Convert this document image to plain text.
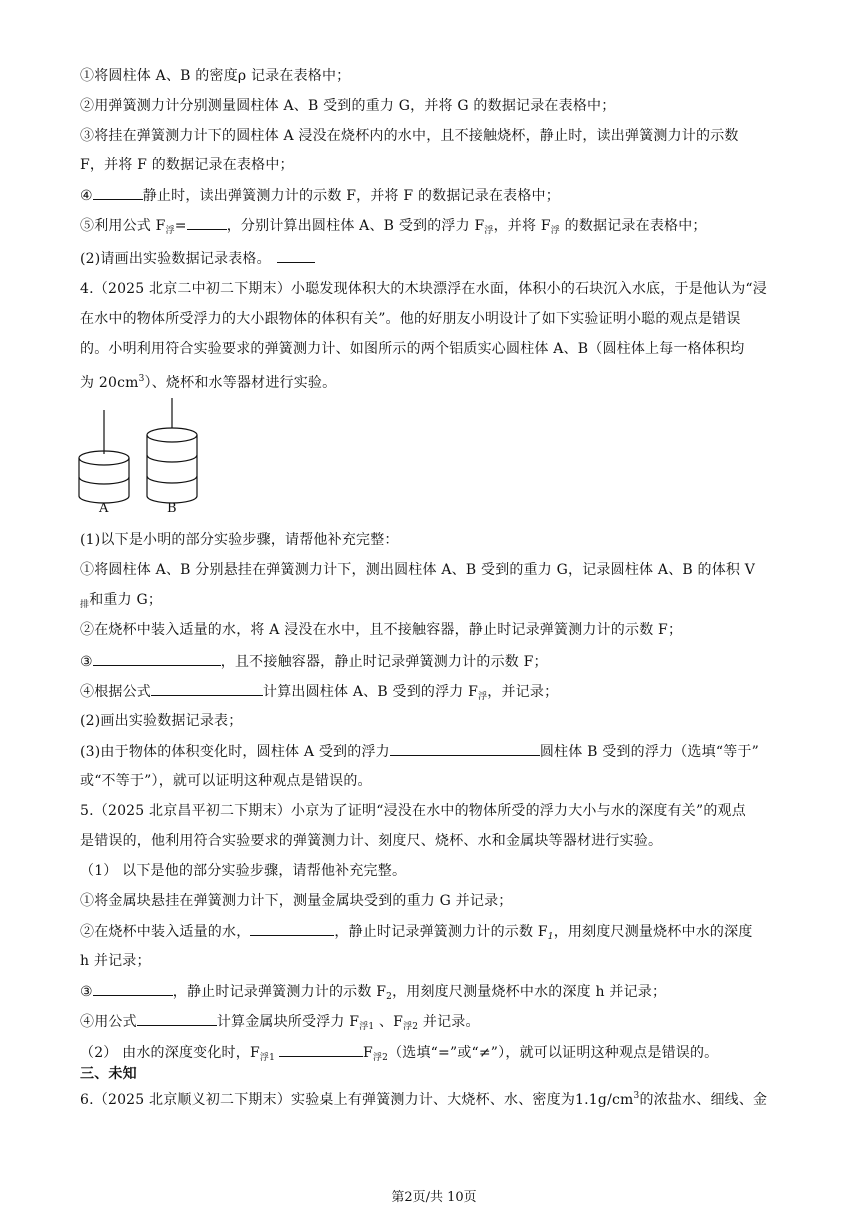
①将圆柱体 A、B 的密度ρ 记录在表格中；
②用弹簧测力计分别测量圆柱体 A、B 受到的重力 G，并将 G 的数据记录在表格中；
③将挂在弹簧测力计下的圆柱体 A 浸没在烧杯内的水中，且不接触烧杯，静止时，读出弹簧测力计的示数
F，并将 F 的数据记录在表格中；
④	静止时，读出弹簧测力计的示数 F，并将 F 的数据记录在表格中；
⑤利用公式 $F_浮=$	，分别计算出圆柱体 A、B 受到的浮力 $F_浮$，并将 $F_浮$ 的数据记录在表格中；
(2)请画出实验数据记录表格。
4.（2025 北京二中初二下期末）小聪发现体积大的木块漂浮在水面，体积小的石块沉入水底，于是他认为“浸
在水中的物体所受浮力的大小跟物体的体积有关”。他的好朋友小明设计了如下实验证明小聪的观点是错误
的。小明利用符合实验要求的弹簧测力计、如图所示的两个铝质实心圆柱体 A、B（圆柱体上每一格体积均
为 $20cm^3$）、烧杯和水等器材进行实验。
A	B
(1)以下是小明的部分实验步骤，请帮他补充完整：
①将圆柱体 A、B 分别悬挂在弹簧测力计下，测出圆柱体 A、B 受到的重力 G，记录圆柱体 A、B 的体积 V
$_排$和重力 G；
②在烧杯中装入适量的水，将 A 浸没在水中，且不接触容器，静止时记录弹簧测力计的示数 F；
③	，且不接触容器，静止时记录弹簧测力计的示数 F；
④根据公式	计算出圆柱体 A、B 受到的浮力 $F_浮$，并记录；
(2)画出实验数据记录表；
(3)由于物体的体积变化时，圆柱体 A 受到的浮力	圆柱体 B 受到的浮力（选填“等于”
或“不等于”），就可以证明这种观点是错误的。
5.（2025 北京昌平初二下期末）小京为了证明“浸没在水中的物体所受的浮力大小与水的深度有关”的观点
是错误的，他利用符合实验要求的弹簧测力计、刻度尺、烧杯、水和金属块等器材进行实验。
（1） 以下是他的部分实验步骤，请帮他补充完整。
①将金属块悬挂在弹簧测力计下，测量金属块受到的重力 G 并记录；
②在烧杯中装入适量的水，	，静止时记录弹簧测力计的示数 $F_1$，用刻度尺测量烧杯中水的深度
h 并记录；
③	，静止时记录弹簧测力计的示数 $F_2$，用刻度尺测量烧杯中水的深度 h 并记录；
④用公式	计算金属块所受浮力 $F_{浮1}$ 、$F_{浮2}$ 并记录。
（2） 由水的深度变化时，$F_{浮1}$	$F_{浮2}$（选填“=”或“≠”），就可以证明这种观点是错误的。
三、未知
6.（2025 北京顺义初二下期末）实验桌上有弹簧测力计、大烧杯、水、密度为$1.1g/cm^3$的浓盐水、细线、金
第2页/共 10页
